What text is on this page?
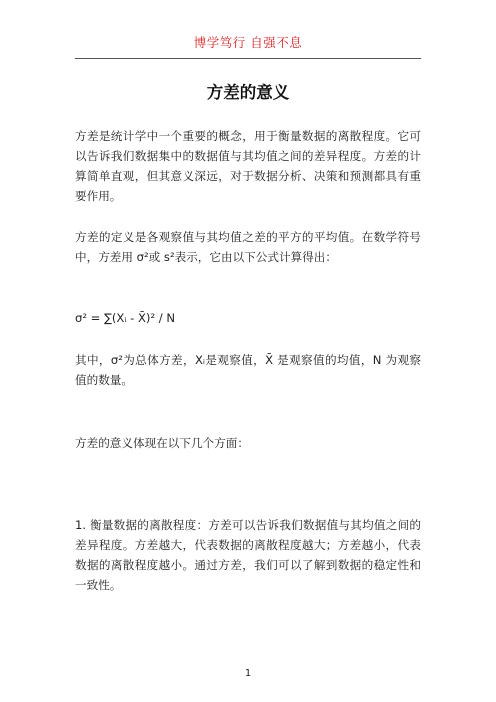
博学笃行 自强不息
方差的意义

方差是统计学中一个重要的概念，用于衡量数据的离散程度。它可以告诉我们数据集中的数据值与其均值之间的差异程度。方差的计算简单直观，但其意义深远，对于数据分析、决策和预测都具有重要作用。

方差的定义是各观察值与其均值之差的平方的平均值。在数学符号中，方差用 σ²或 s²表示，它由以下公式计算得出：

σ² = ∑(Xᵢ - X̄)² / N

其中，σ²为总体方差，Xᵢ是观察值，X̄ 是观察值的均值，N 为观察值的数量。

方差的意义体现在以下几个方面：

1. 衡量数据的离散程度：方差可以告诉我们数据值与其均值之间的差异程度。方差越大，代表数据的离散程度越大；方差越小，代表数据的离散程度越小。通过方差，我们可以了解到数据的稳定性和一致性。

1
